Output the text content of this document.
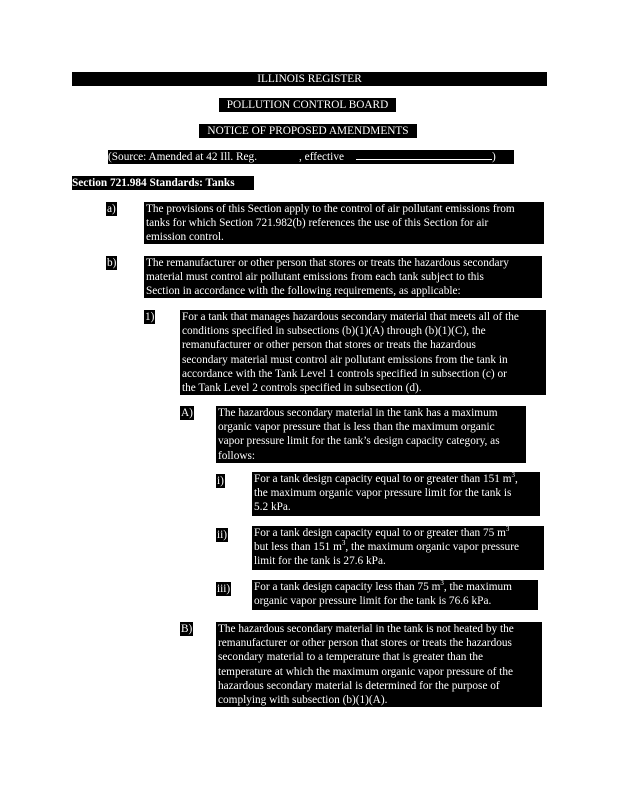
ILLINOIS REGISTER
POLLUTION CONTROL BOARD
NOTICE OF PROPOSED AMENDMENTS
(Source: Amended at 42 Ill. Reg.	, effective	)
Section 721.984 Standards: Tanks
a)	The provisions of this Section apply to the control of air pollutant emissions from
tanks for which Section 721.982(b) references the use of this Section for air
emission control.
b)	The remanufacturer or other person that stores or treats the hazardous secondary
material must control air pollutant emissions from each tank subject to this
Section in accordance with the following requirements, as applicable:
1) For a tank that manages hazardous secondary material that meets all of the
conditions specified in subsections (b)(1)(A) through (b)(1)(C), the
remanufacturer or other person that stores or treats the hazardous
secondary material must control air pollutant emissions from the tank in
accordance with the Tank Level 1 controls specified in subsection (c) or
the Tank Level 2 controls specified in subsection (d).
A) The hazardous secondary material in the tank has a maximum
organic vapor pressure that is less than the maximum organic
vapor pressure limit for the tank’s design capacity category, as
follows:
i)	For a tank design capacity equal to or greater than 151 $m^3$,
the maximum organic vapor pressure limit for the tank is
5.2 kPa.
ii) For a tank design capacity equal to or greater than 75 $m^3$
but less than 151 $m^3$, the maximum organic vapor pressure
limit for the tank is 27.6 kPa.
iii) For a tank design capacity less than 75 $m^3$, the maximum
organic vapor pressure limit for the tank is 76.6 kPa.
B) The hazardous secondary material in the tank is not heated by the
remanufacturer or other person that stores or treats the hazardous
secondary material to a temperature that is greater than the
temperature at which the maximum organic vapor pressure of the
hazardous secondary material is determined for the purpose of
complying with subsection (b)(1)(A).
